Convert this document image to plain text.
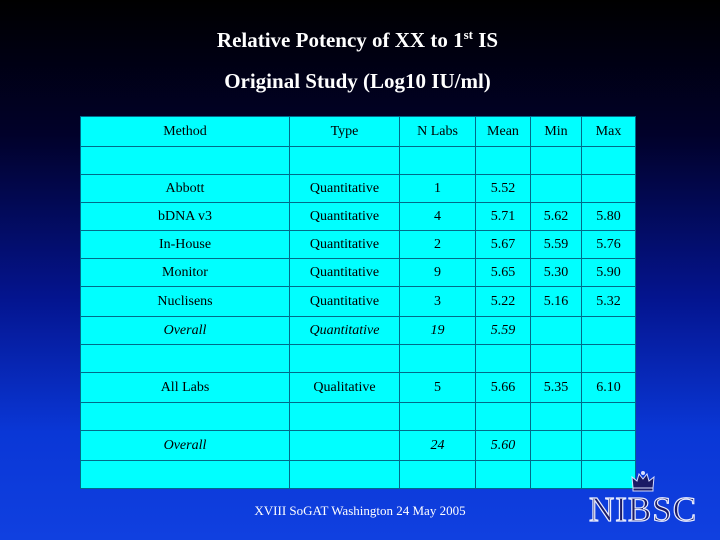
Relative Potency of XX to 1st IS
Original Study (Log10 IU/ml)
Method	Type	N Labs	Mean	Min	Max

Abbott	Quantitative	1	5.52		
bDNA v3	Quantitative	4	5.71	5.62	5.80
In-House	Quantitative	2	5.67	5.59	5.76
Monitor	Quantitative	9	5.65	5.30	5.90
Nuclisens	Quantitative	3	5.22	5.16	5.32
Overall	Quantitative	19	5.59		

All Labs	Qualitative	5	5.66	5.35	6.10

Overall		24	5.60		

XVIII SoGAT Washington 24 May 2005	NIBSC
